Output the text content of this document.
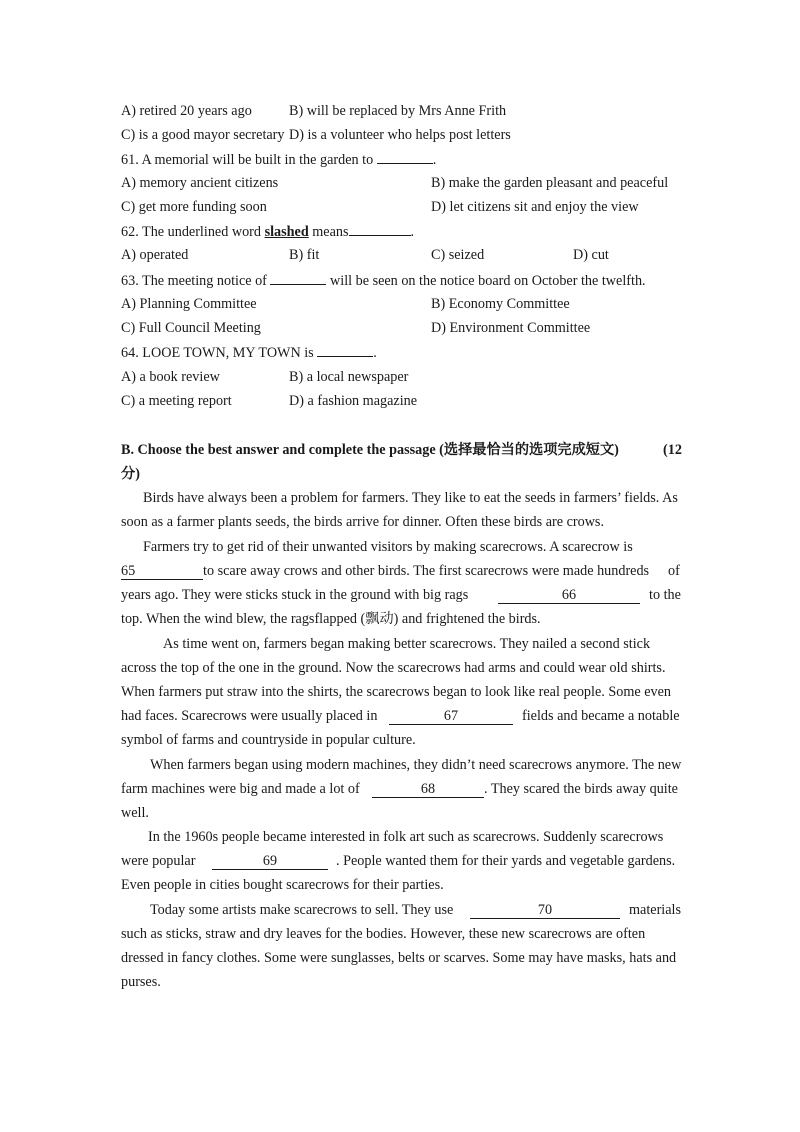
A) retired 20 years ago	B) will be replaced by Mrs Anne Frith
C) is a good mayor secretary D) is a volunteer who helps post letters
61. A memorial will be built in the garden to	.
A) memory ancient citizens	B) make the garden pleasant and peaceful
C) get more funding soon	D) let citizens sit and enjoy the view
62. The underlined word slashed means	.
A) operated	B) fit	C) seized	D) cut
63. The meeting notice of	will be seen on the notice board on October the twelfth.
A) Planning Committee	B) Economy Committee
C) Full Council Meeting	D) Environment Committee
64. LOOE TOWN, MY TOWN is	.
A) a book review	B) a local newspaper
C) a meeting report	D) a fashion magazine
B. Choose the best answer and complete the passage (选择最恰当的选项完成短文)	(12
分)
Birds have always been a problem for farmers. They like to eat the seeds in farmers’ fields. As
soon as a farmer plants seeds, the birds arrive for dinner. Often these birds are crows.
Farmers try to get rid of their unwanted visitors by making scarecrows. A scarecrow is
65	to scare away crows and other birds. The first scarecrows were made hundreds of
years ago. They were sticks stuck in the ground with big rags	66	to the
top. When the wind blew, the ragsflapped (飘动) and frightened the birds.
As time went on, farmers began making better scarecrows. They nailed a second stick
across the top of the one in the ground. Now the scarecrows had arms and could wear old shirts.
When farmers put straw into the shirts, the scarecrows began to look like real people. Some even
had faces. Scarecrows were usually placed in	67	fields and became a notable
symbol of farms and countryside in popular culture.
When farmers began using modern machines, they didn’t need scarecrows anymore. The new
farm machines were big and made a lot of	68	. They scared the birds away quite
well.
In the 1960s people became interested in folk art such as scarecrows. Suddenly scarecrows
were popular	69	. People wanted them for their yards and vegetable gardens.
Even people in cities bought scarecrows for their parties.
Today some artists make scarecrows to sell. They use	70	materials
such as sticks, straw and dry leaves for the bodies. However, these new scarecrows are often
dressed in fancy clothes. Some were sunglasses, belts or scarves. Some may have masks, hats and
purses.
